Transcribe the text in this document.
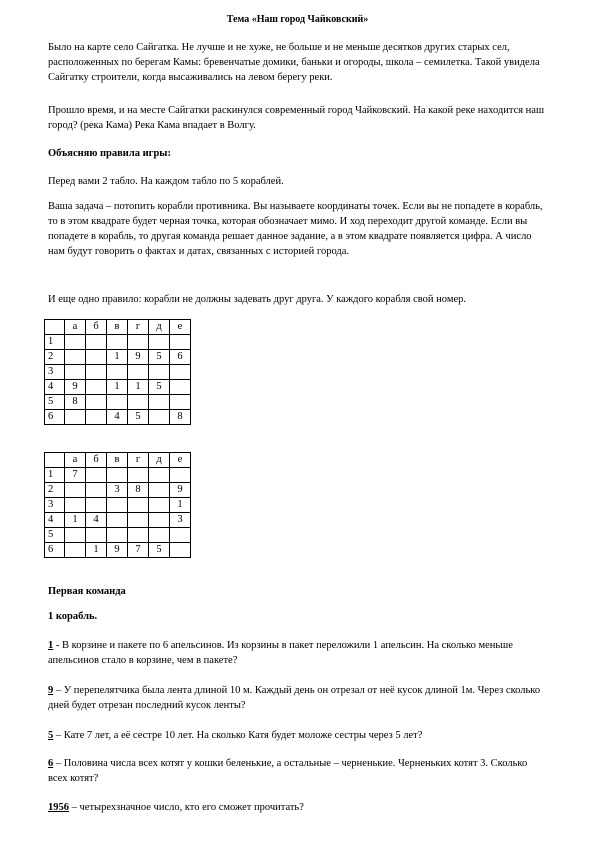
Тема «Наш город Чайковский»

Было на карте село Сайгатка. Не лучше и не хуже, не больше и не меньше десятков других старых сел, расположенных по берегам Камы: бревенчатые домики, баньки и огороды, школа – семилетка. Такой увидела Сайгатку строители, когда высаживались на левом берегу реки.

Прошло время, и на месте Сайгатки раскинулся современный город Чайковский. На какой реке находится наш город? (река Кама) Река Кама впадает в Волгу.

Объясняю правила игры:

Перед вами 2 табло. На каждом табло по 5 кораблей.

Ваша задача – потопить корабли противника. Вы называете координаты точек. Если вы не попадете в корабль, то в этом квадрате будет черная точка, которая обозначает мимо. И ход переходит другой команде. Если вы попадете в корабль, то другая команда решает данное задание, а в этом квадрате появляется цифра. А число нам будут говорить о фактах и датах, связанных с историей города.

И еще одно правило: корабли не должны задевать друг друга. У каждого корабля свой номер.

	а	б	в	г	д	е
1						
2			1	9	5	6
3						
4	9		1	1	5	
5	8					
6			4	5		8
	а	б	в	г	д	е
1	7					
2			3	8		9
3						1
4	1	4				3
5						
6		1	9	7	5	
Первая команда
1 корабль.

1 - В корзине и пакете по 6 апельсинов. Из корзины в пакет переложили 1 апельсин. На сколько меньше апельсинов стало в корзине, чем в пакете?

9 – У перепелятчика была лента длиной 10 м. Каждый день он отрезал от неё кусок длиной 1м. Через сколько дней будет отрезан последний кусок ленты?

5 – Кате 7 лет, а её сестре 10 лет. На сколько Катя будет моложе сестры через 5 лет?

6 – Половина числа всех котят у кошки беленькие, а остальные – черненькие. Черненьких котят 3. Сколько всех котят?

1956 – четырехзначное число, кто его сможет прочитать?
